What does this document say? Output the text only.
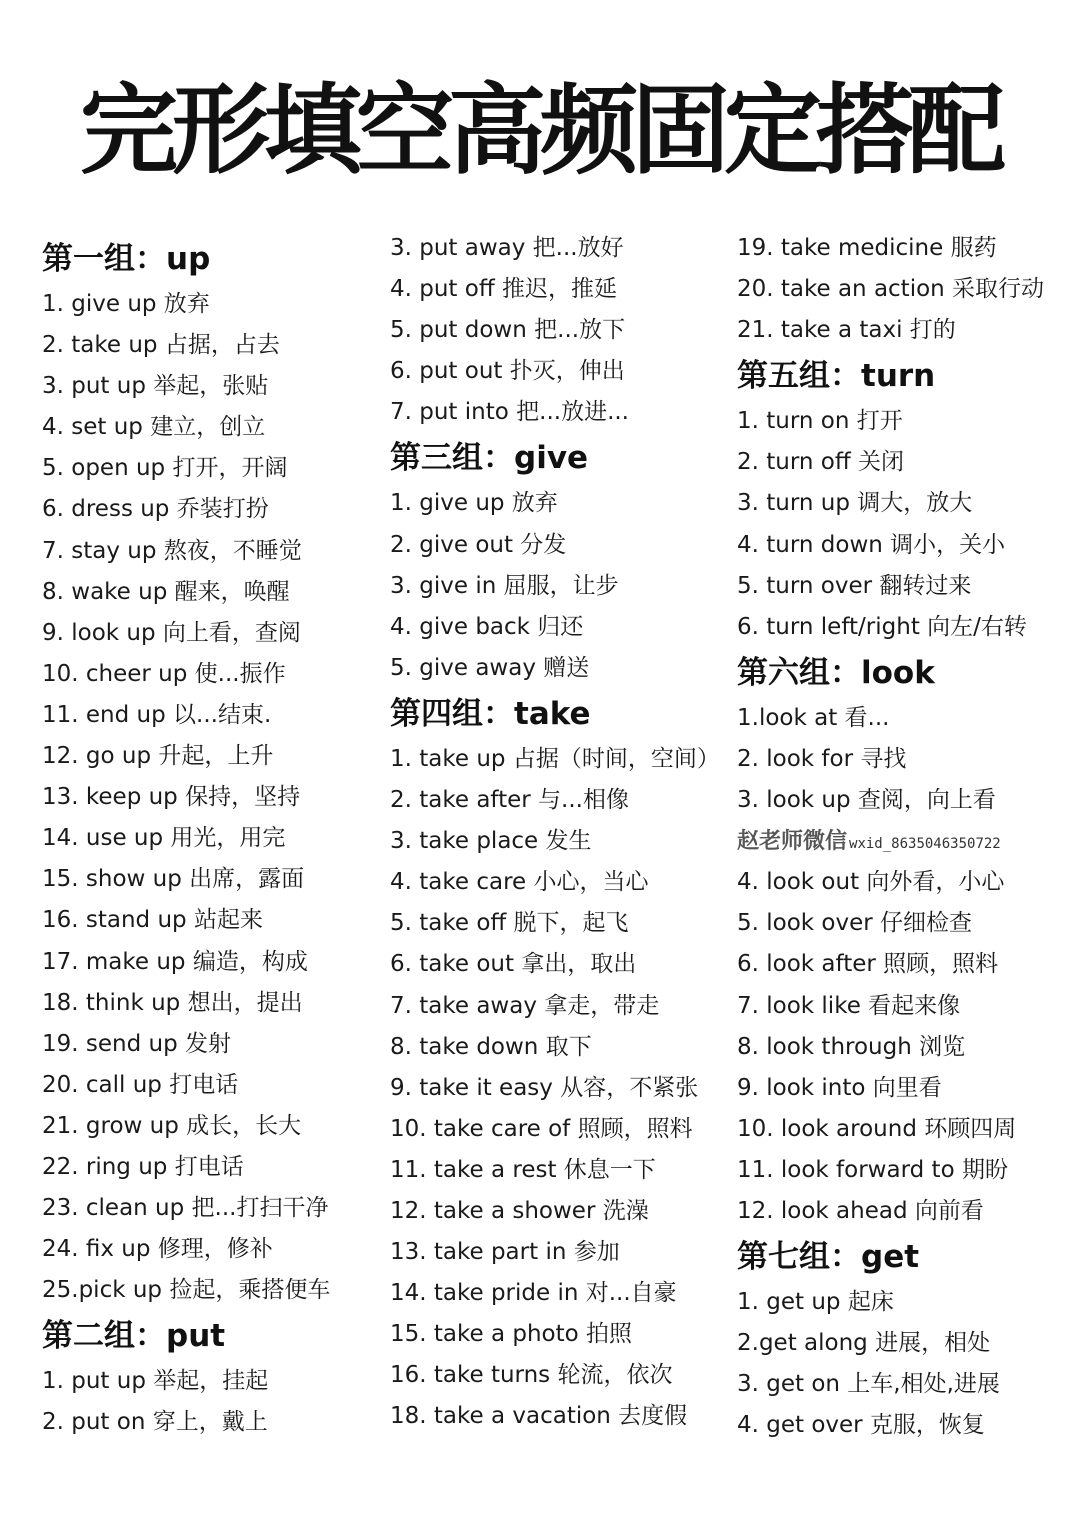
完形填空高频固定搭配
第一组：up
1. give up 放弃
2. take up 占据，占去
3. put up 举起，张贴
4. set up 建立，创立
5. open up 打开，开阔
6. dress up 乔装打扮
7. stay up 熬夜，不睡觉
8. wake up 醒来，唤醒
9. look up 向上看，查阅
10. cheer up 使...振作
11. end up 以...结束.
12. go up 升起，上升
13. keep up 保持，坚持
14. use up 用光，用完
15. show up 出席，露面
16. stand up 站起来
17. make up 编造，构成
18. think up 想出，提出
19. send up 发射
20. call up 打电话
21. grow up 成长，长大
22. ring up 打电话
23. clean up 把...打扫干净
24. fix up 修理，修补
25.pick up 捡起，乘搭便车
第二组：put
1. put up 举起，挂起
2. put on 穿上，戴上
3. put away 把...放好
4. put off 推迟，推延
5. put down 把...放下
6. put out 扑灭，伸出
7. put into 把...放进...
第三组：give
1. give up 放弃
2. give out 分发
3. give in 屈服，让步
4. give back 归还
5. give away 赠送
第四组：take
1. take up 占据（时间，空间）
2. take after 与...相像
3. take place 发生
4. take care 小心，当心
5. take off 脱下，起飞
6. take out 拿出，取出
7. take away 拿走，带走
8. take down 取下
9. take it easy 从容，不紧张
10. take care of 照顾，照料
11. take a rest 休息一下
12. take a shower 洗澡
13. take part in 参加
14. take pride in 对...自豪
15. take a photo 拍照
16. take turns 轮流，依次
18. take a vacation 去度假
19. take medicine 服药
20. take an action 采取行动
21. take a taxi 打的
第五组：turn
1. turn on 打开
2. turn off 关闭
3. turn up 调大，放大
4. turn down 调小，关小
5. turn over 翻转过来
6. turn left/right 向左/右转
第六组：look
1.look at 看...
2. look for 寻找
3. look up 查阅，向上看
赵老师微信 wxid_8635046350722
4. look out 向外看，小心
5. look over 仔细检查
6. look after 照顾，照料
7. look like 看起来像
8. look through 浏览
9. look into 向里看
10. look around 环顾四周
11. look forward to 期盼
12. look ahead 向前看
第七组：get
1. get up 起床
2.get along 进展，相处
3. get on 上车,相处,进展
4. get over 克服，恢复
